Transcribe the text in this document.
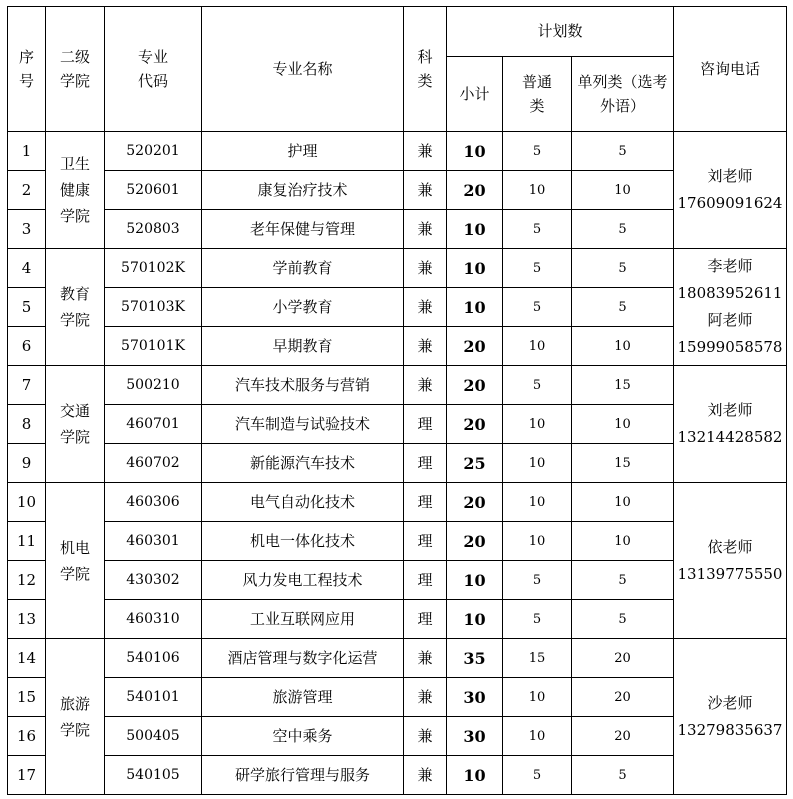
序号	二级学院	专业代码	专业名称	科类	计划数			咨询电话
					小计	普通类	单列类（选考外语）	

1	卫生健康学院	520201	护理	兼	10	5	5	刘老师
17609091624

2		520601	康复治疗技术	兼	20	10	10	
3		520803	老年保健与管理	兼	10	5	5	
4	教育学院	570102K	学前教育	兼	10	5	5	李老师
18083952611
阿老师
15999058578

5		570103K	小学教育	兼	10	5	5	
6		570101K	早期教育	兼	20	10	10	
7	交通学院	500210	汽车技术服务与营销	兼	20	5	15	刘老师
13214428582

8		460701	汽车制造与试验技术	理	20	10	10	
9		460702	新能源汽车技术	理	25	10	15	
10	机电学院	460306	电气自动化技术	理	20	10	10	依老师
13139775550

11		460301	机电一体化技术	理	20	10	10	
12		430302	风力发电工程技术	理	10	5	5	
13		460310	工业互联网应用	理	10	5	5	
14	旅游学院	540106	酒店管理与数字化运营	兼	35	15	20	沙老师
13279835637

15		540101	旅游管理	兼	30	10	20	
16		500405	空中乘务	兼	30	10	20	
17		540105	研学旅行管理与服务	兼	10	5	5	
